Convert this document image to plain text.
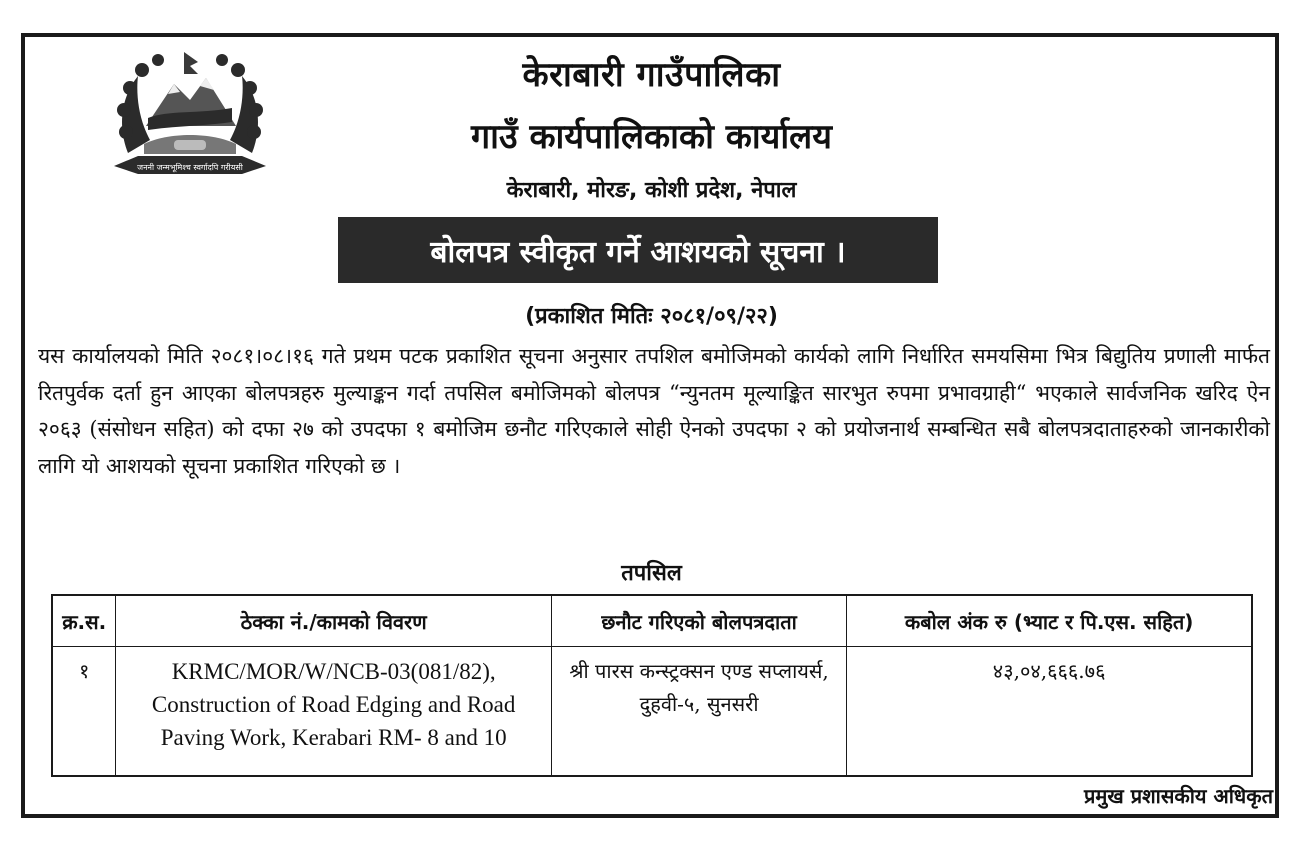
जननी जन्मभूमिश्च स्वर्गादपि गरीयसी
केराबारी गाउँपालिका
गाउँ कार्यपालिकाको कार्यालय
केराबारी, मोरङ, कोशी प्रदेश, नेपाल
बोलपत्र स्वीकृत गर्ने आशयको सूचना ।
(प्रकाशित मितिः २०८१/०९/२२)

यस कार्यालयको मिति २०८१।०८।१६ गते प्रथम पटक प्रकाशित सूचना अनुसार तपशिल बमोजिमको कार्यको लागि निर्धारित समयसिमा भित्र बिद्युतिय प्रणाली मार्फत रितपुर्वक दर्ता हुन आएका बोलपत्रहरु मुल्याङ्कन गर्दा तपसिल बमोजिमको बोलपत्र “न्युनतम मूल्याङ्कित सारभुत रुपमा प्रभावग्राही“ भएकाले सार्वजनिक खरिद ऐन २०६३ (संसोधन सहित) को दफा २७ को उपदफा १ बमोजिम छनौट गरिएकाले सोही ऐनको उपदफा २ को प्रयोजनार्थ सम्बन्धित सबै बोलपत्रदाताहरुको जानकारीको लागि यो आशयको सूचना प्रकाशित गरिएको छ ।

तपसिल
क्र.स.	ठेक्का नं./कामको विवरण	छनौट गरिएको बोलपत्रदाता	कबोल अंक रु (भ्याट र पि.एस. सहित)
१	KRMC/MOR/W/NCB-03(081/82),
Construction of Road Edging and Road Paving Work, Kerabari RM- 8 and 10	श्री पारस कन्स्ट्रक्सन एण्ड सप्लायर्स, दुहवी-५, सुनसरी	४३,०४,६६६.७६
प्रमुख प्रशासकीय अधिकृत
